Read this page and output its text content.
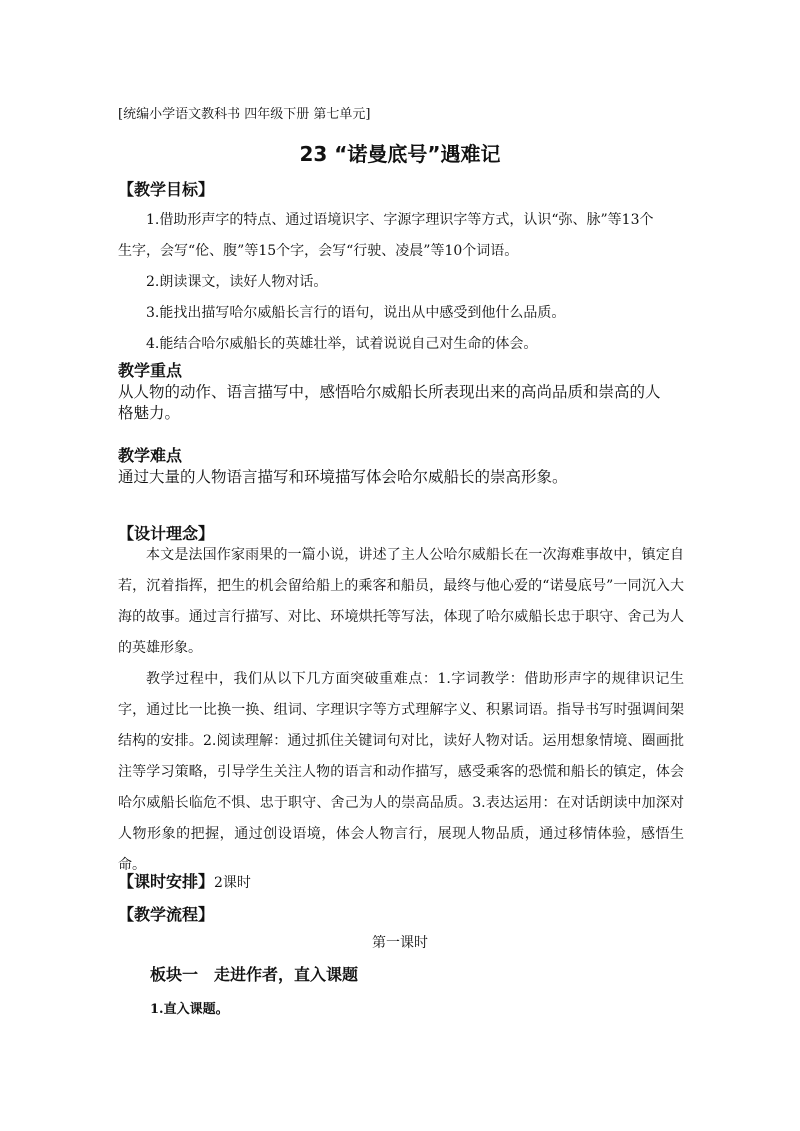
[统编小学语文教科书 四年级下册 第七单元]
23 “诺曼底号”遇难记
【教学目标】
1.借助形声字的特点、通过语境识字、字源字理识字等方式，认识“弥、脉”等13个
生字，会写“伦、腹”等15个字，会写“行驶、凌晨”等10个词语。
2.朗读课文，读好人物对话。
3.能找出描写哈尔威船长言行的语句，说出从中感受到他什么品质。
4.能结合哈尔威船长的英雄壮举，试着说说自己对生命的体会。
教学重点
从人物的动作、语言描写中，感悟哈尔威船长所表现出来的高尚品质和崇高的人
格魅力。
教学难点
通过大量的人物语言描写和环境描写体会哈尔威船长的崇高形象。
【设计理念】

本文是法国作家雨果的一篇小说，讲述了主人公哈尔威船长在一次海难事故中，镇定自若，沉着指挥，把生的机会留给船上的乘客和船员，最终与他心爱的“诺曼底号”一同沉入大海的故事。通过言行描写、对比、环境烘托等写法，体现了哈尔威船长忠于职守、舍己为人的英雄形象。

教学过程中，我们从以下几方面突破重难点：1.字词教学：借助形声字的规律识记生字，通过比一比换一换、组词、字理识字等方式理解字义、积累词语。指导书写时强调间架结构的安排。2.阅读理解：通过抓住关键词句对比，读好人物对话。运用想象情境、圈画批注等学习策略，引导学生关注人物的语言和动作描写，感受乘客的恐慌和船长的镇定，体会哈尔威船长临危不惧、忠于职守、舍己为人的崇高品质。3.表达运用：在对话朗读中加深对人物形象的把握，通过创设语境，体会人物言行，展现人物品质，通过移情体验，感悟生命。

【课时安排】2课时
【教学流程】
第一课时
板块一　走进作者，直入课题
1.直入课题。
